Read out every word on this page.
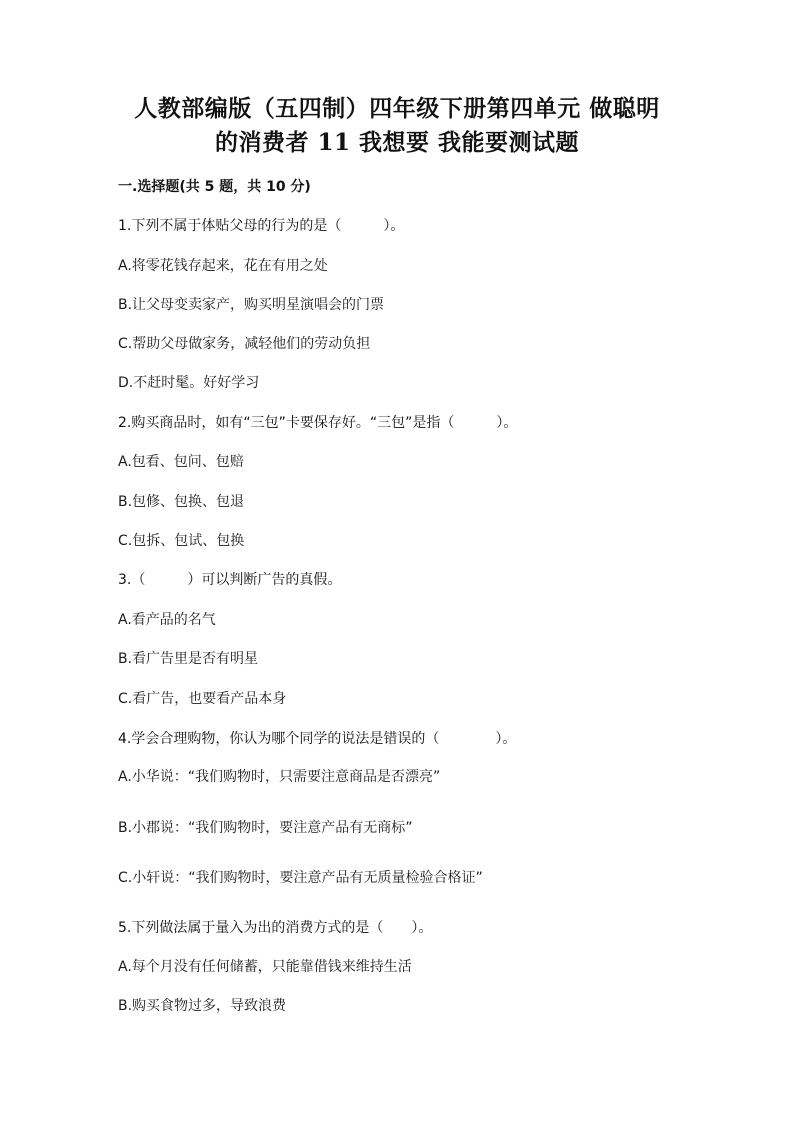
人教部编版（五四制）四年级下册第四单元 做聪明
的消费者 11 我想要 我能要测试题
一.选择题(共 5 题，共 10 分)
1.下列不属于体贴父母的行为的是（　　　）。
A.将零花钱存起来，花在有用之处
B.让父母变卖家产，购买明星演唱会的门票
C.帮助父母做家务，减轻他们的劳动负担
D.不赶时髦。好好学习
2.购买商品时，如有“三包”卡要保存好。“三包”是指（　　　）。
A.包看、包问、包赔
B.包修、包换、包退
C.包拆、包试、包换
3.（　　　）可以判断广告的真假。
A.看产品的名气
B.看广告里是否有明星
C.看广告，也要看产品本身
4.学会合理购物，你认为哪个同学的说法是错误的（　　　　）。
A.小华说：“我们购物时，只需要注意商品是否漂亮”
B.小郡说：“我们购物时，要注意产品有无商标”
C.小轩说：“我们购物时，要注意产品有无质量检验合格证”
5.下列做法属于量入为出的消费方式的是（　　）。
A.每个月没有任何储蓄，只能靠借钱来维持生活
B.购买食物过多，导致浪费
